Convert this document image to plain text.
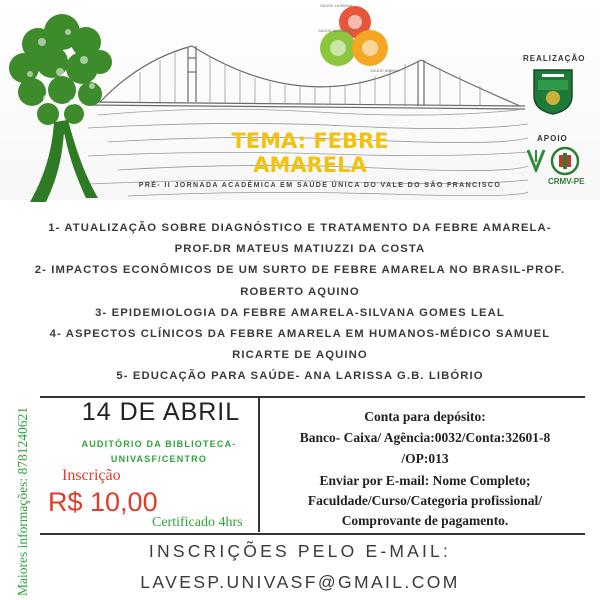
SAÚDE HUMANA
SAÚDE AMBIENTAL
SAÚDE ANIMAL
REALIZAÇÃO
APOIO
CRMV-PE
TEMA: FEBRE AMARELA
PRÉ- II JORNADA ACADÊMICA EM SAÚDE ÚNICA DO VALE DO SÃO FRANCISCO
1- ATUALIZAÇÃO SOBRE DIAGNÓSTICO E TRATAMENTO DA FEBRE AMARELA-
PROF.DR MATEUS MATIUZZI DA COSTA
2- IMPACTOS ECONÔMICOS DE UM SURTO DE FEBRE AMARELA NO BRASIL-PROF.
ROBERTO AQUINO
3- EPIDEMIOLOGIA DA FEBRE AMARELA-SILVANA GOMES LEAL
4- ASPECTOS CLÍNICOS DA FEBRE AMARELA EM HUMANOS-MÉDICO SAMUEL
RICARTE DE AQUINO
5- EDUCAÇÃO PARA SAÚDE- ANA LARISSA G.B. LIBÓRIO
14 DE ABRIL
AUDITÓRIO DA BIBLIOTECA-
UNIVASF/CENTRO
Inscrição
R$ 10,00
Certificado 4hrs
Conta para depósito:
Banco- Caixa/ Agência:0032/Conta:32601-8
/OP:013
Enviar por E-mail: Nome Completo;
Faculdade/Curso/Categoria profissional/
Comprovante de pagamento.
INSCRIÇÕES PELO E-MAIL:
LAVESP.UNIVASF@GMAIL.COM
Maiores informações: 8781240621
